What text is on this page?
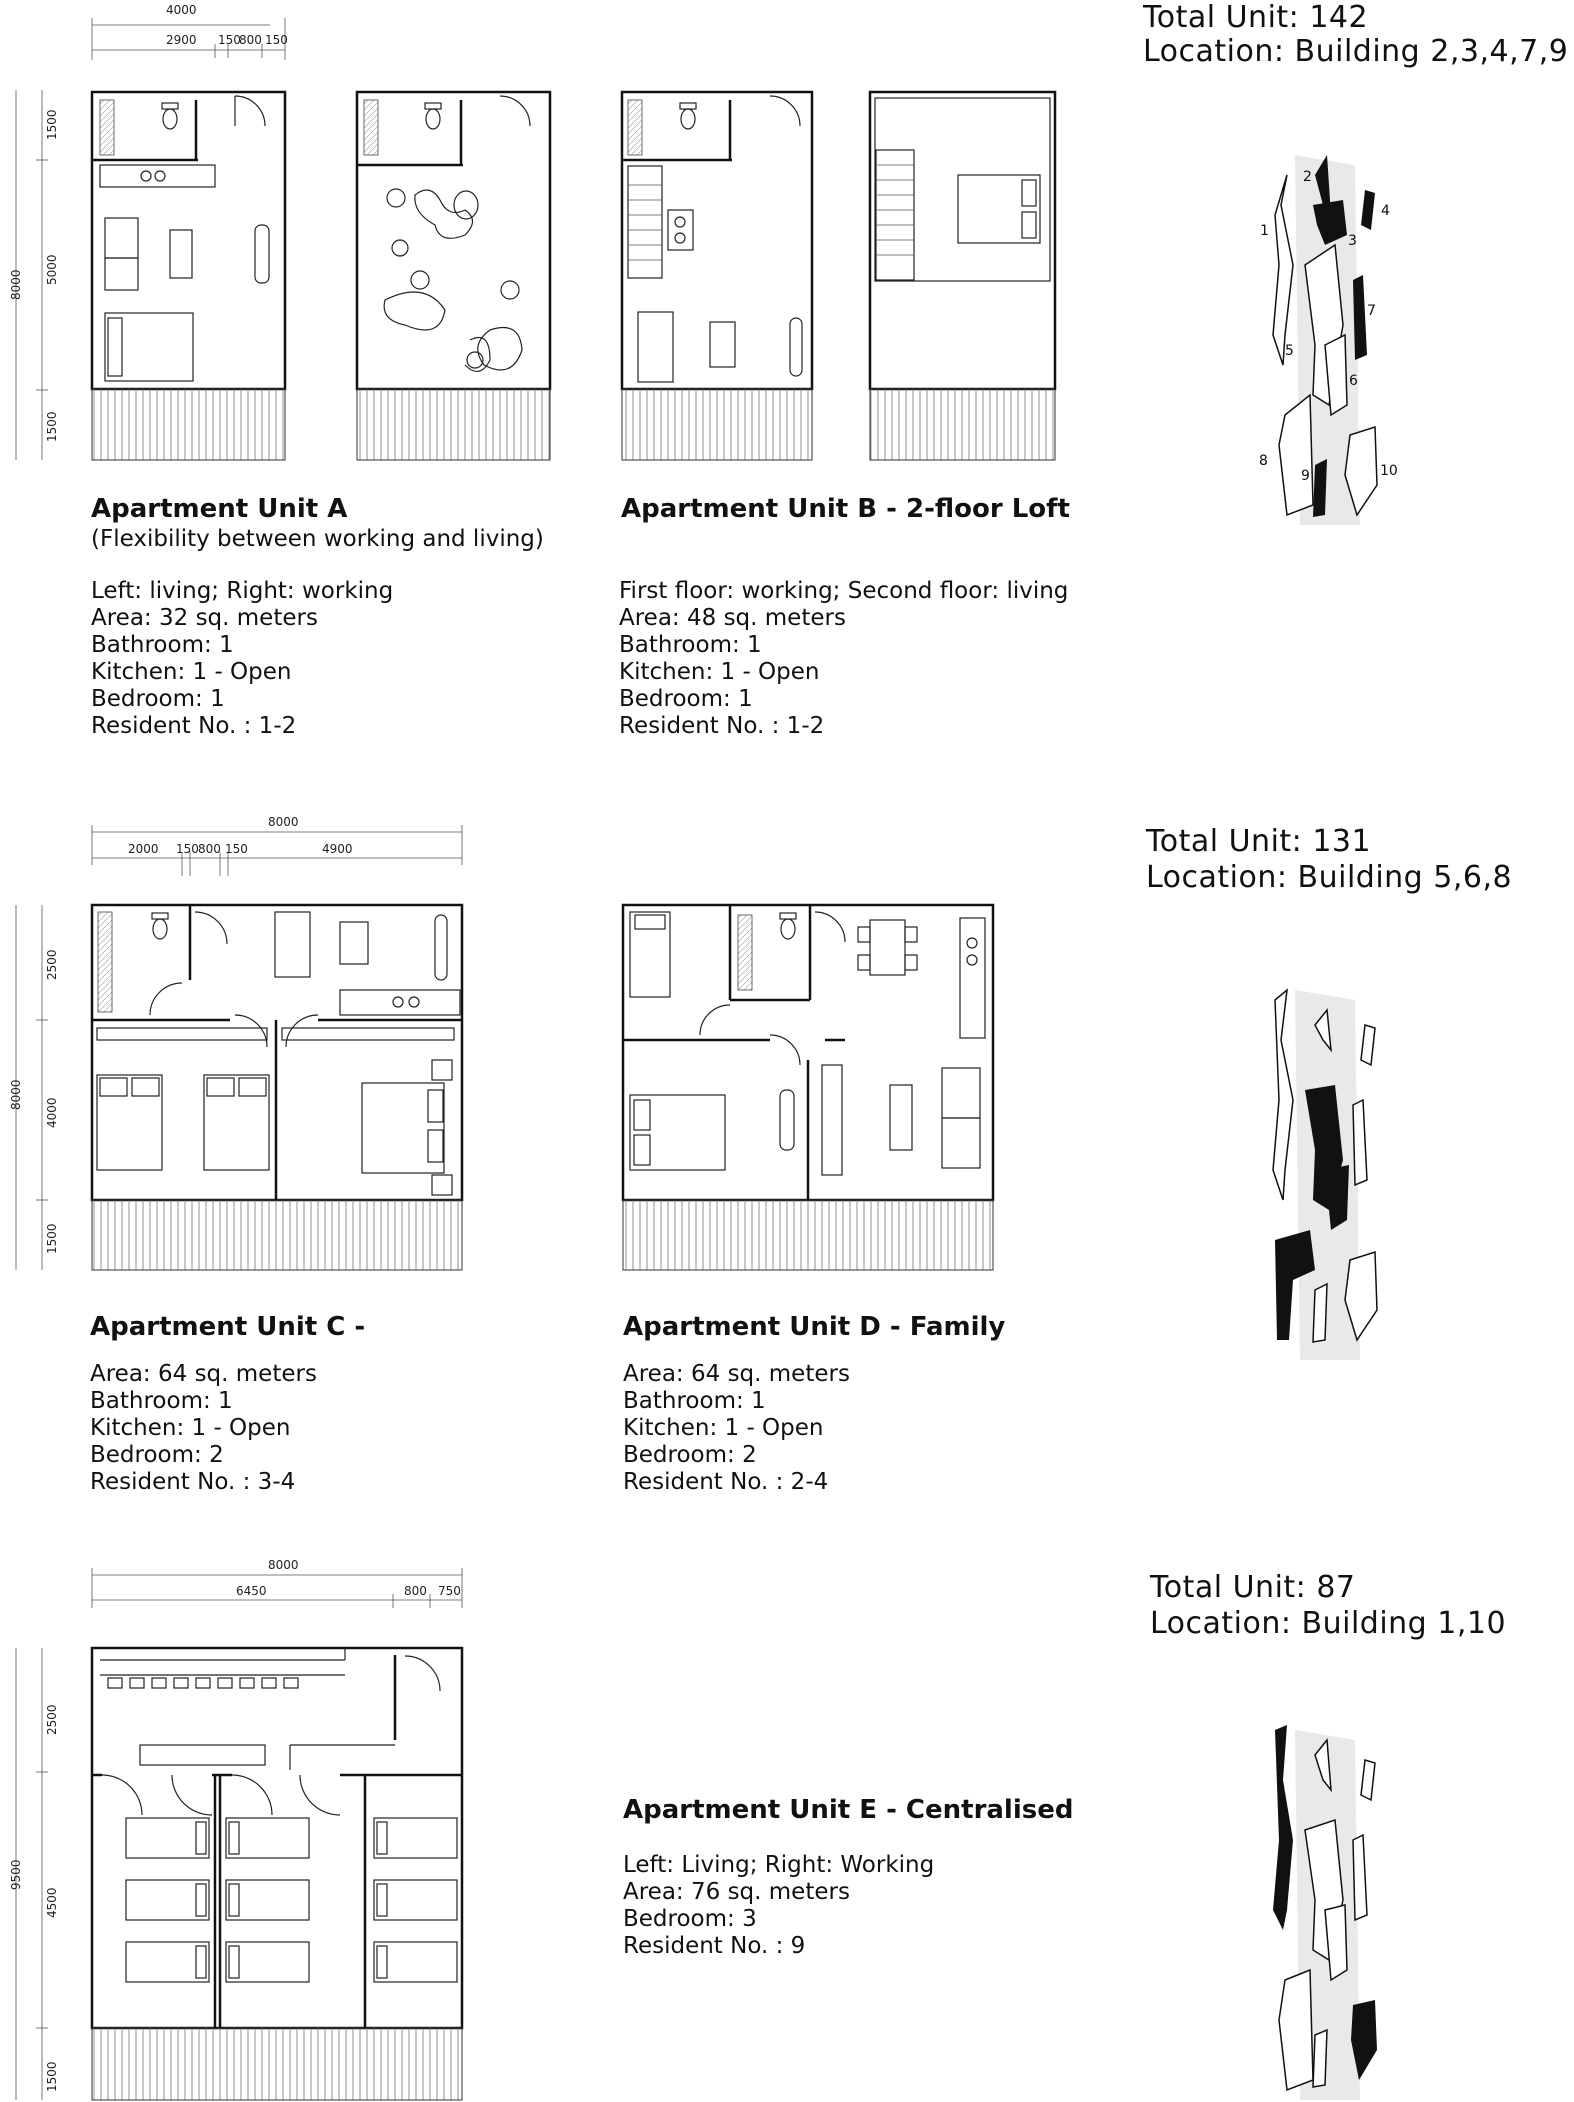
1
2
3
4
5
6
7
8
9	10
4000
2900 150
800 150
8000
1500
5000
1500
8000
2000 150 800 150	4900
8000
2500
4000
1500
8000
6450	800 750
9500
2500
4500
1500
Total Unit: 142
Location: Building 2,3,4,7,9
Total Unit: 131
Location: Building 5,6,8
Total Unit: 87
Location: Building 1,10
Apartment Unit A
(Flexibility between working and living)
Left: living; Right: working
Area: 32 sq. meters
Bathroom: 1
Kitchen: 1 - Open
Bedroom: 1
Resident No. : 1-2
Apartment Unit B - 2-floor Loft
First floor: working; Second floor: living
Area: 48 sq. meters
Bathroom: 1
Kitchen: 1 - Open
Bedroom: 1
Resident No. : 1-2
Apartment Unit C -
Area: 64 sq. meters
Bathroom: 1
Kitchen: 1 - Open
Bedroom: 2
Resident No. : 3-4
Apartment Unit D - Family
Area: 64 sq. meters
Bathroom: 1
Kitchen: 1 - Open
Bedroom: 2
Resident No. : 2-4
Apartment Unit E - Centralised
Left: Living; Right: Working
Area: 76 sq. meters
Bedroom: 3
Resident No. : 9
